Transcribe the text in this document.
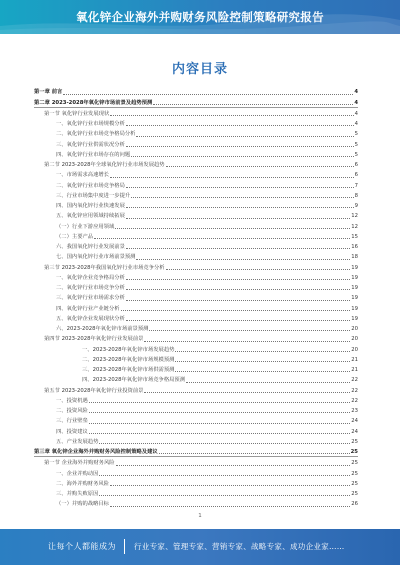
氧化锌企业海外并购财务风险控制策略研究报告
内容目录
第一章 前言	4
第二章 2023-2028年氧化锌市场前景及趋势预测	4
第一节 氧化锌行业发展现状	4
一、氧化锌行业市场规模分析	4
二、氧化锌行业市场竞争格局分析	5
三、氧化锌行业供需状况分析	5
四、氧化锌行业市场存在的问题	5
第二节 2023-2028年全球氧化锌行业市场发展趋势	6
一、市场需求高速增长	6
二、氧化锌行业市场竞争格局	7
三、行业市场集中度进一步提升	8
四、国内氧化锌行业快速发展	9
五、氧化锌应用领域持续拓展	12
（一）行业下游应用领域	12
（二）主要产品	15
六、我国氧化锌行业发展前景	16
七、国内氧化锌行业市场前景预测	18
第三节 2023-2028年我国氧化锌行业市场竞争分析	19
一、氧化锌企业竞争格局分析	19
二、氧化锌行业市场竞争分析	19
三、氧化锌行业市场需求分析	19
四、氧化锌行业产业链分析	19
五、氧化锌企业发展现状分析	19
六、2023-2028年氧化锌市场前景预测	20
第四节 2023-2028年氧化锌行业发展前景	20
一、2023-2028年氧化锌市场发展趋势	20
二、2023-2028年氧化锌市场规模预测	21
三、2023-2028年氧化锌市场供需预测	21
四、2023-2028年氧化锌市场竞争格局预测	22
第五节 2023-2028年氧化锌行业投资前景	22
一、投资机遇	22
二、投资风险	23
三、行业壁垒	24
四、投资建议	24
五、产业发展趋势	25
第三章 氧化锌企业海外并购财务风险控制策略及建议	25
第一节 企业海外并购财务风险	25
一、企业并购动因	25
二、海外并购财务风险	25
三、并购失败原因	25
（一）并购的战略目标	26
1
让每个人都能成为 行业专家、管理专家、营销专家、战略专家、成功企业家……
